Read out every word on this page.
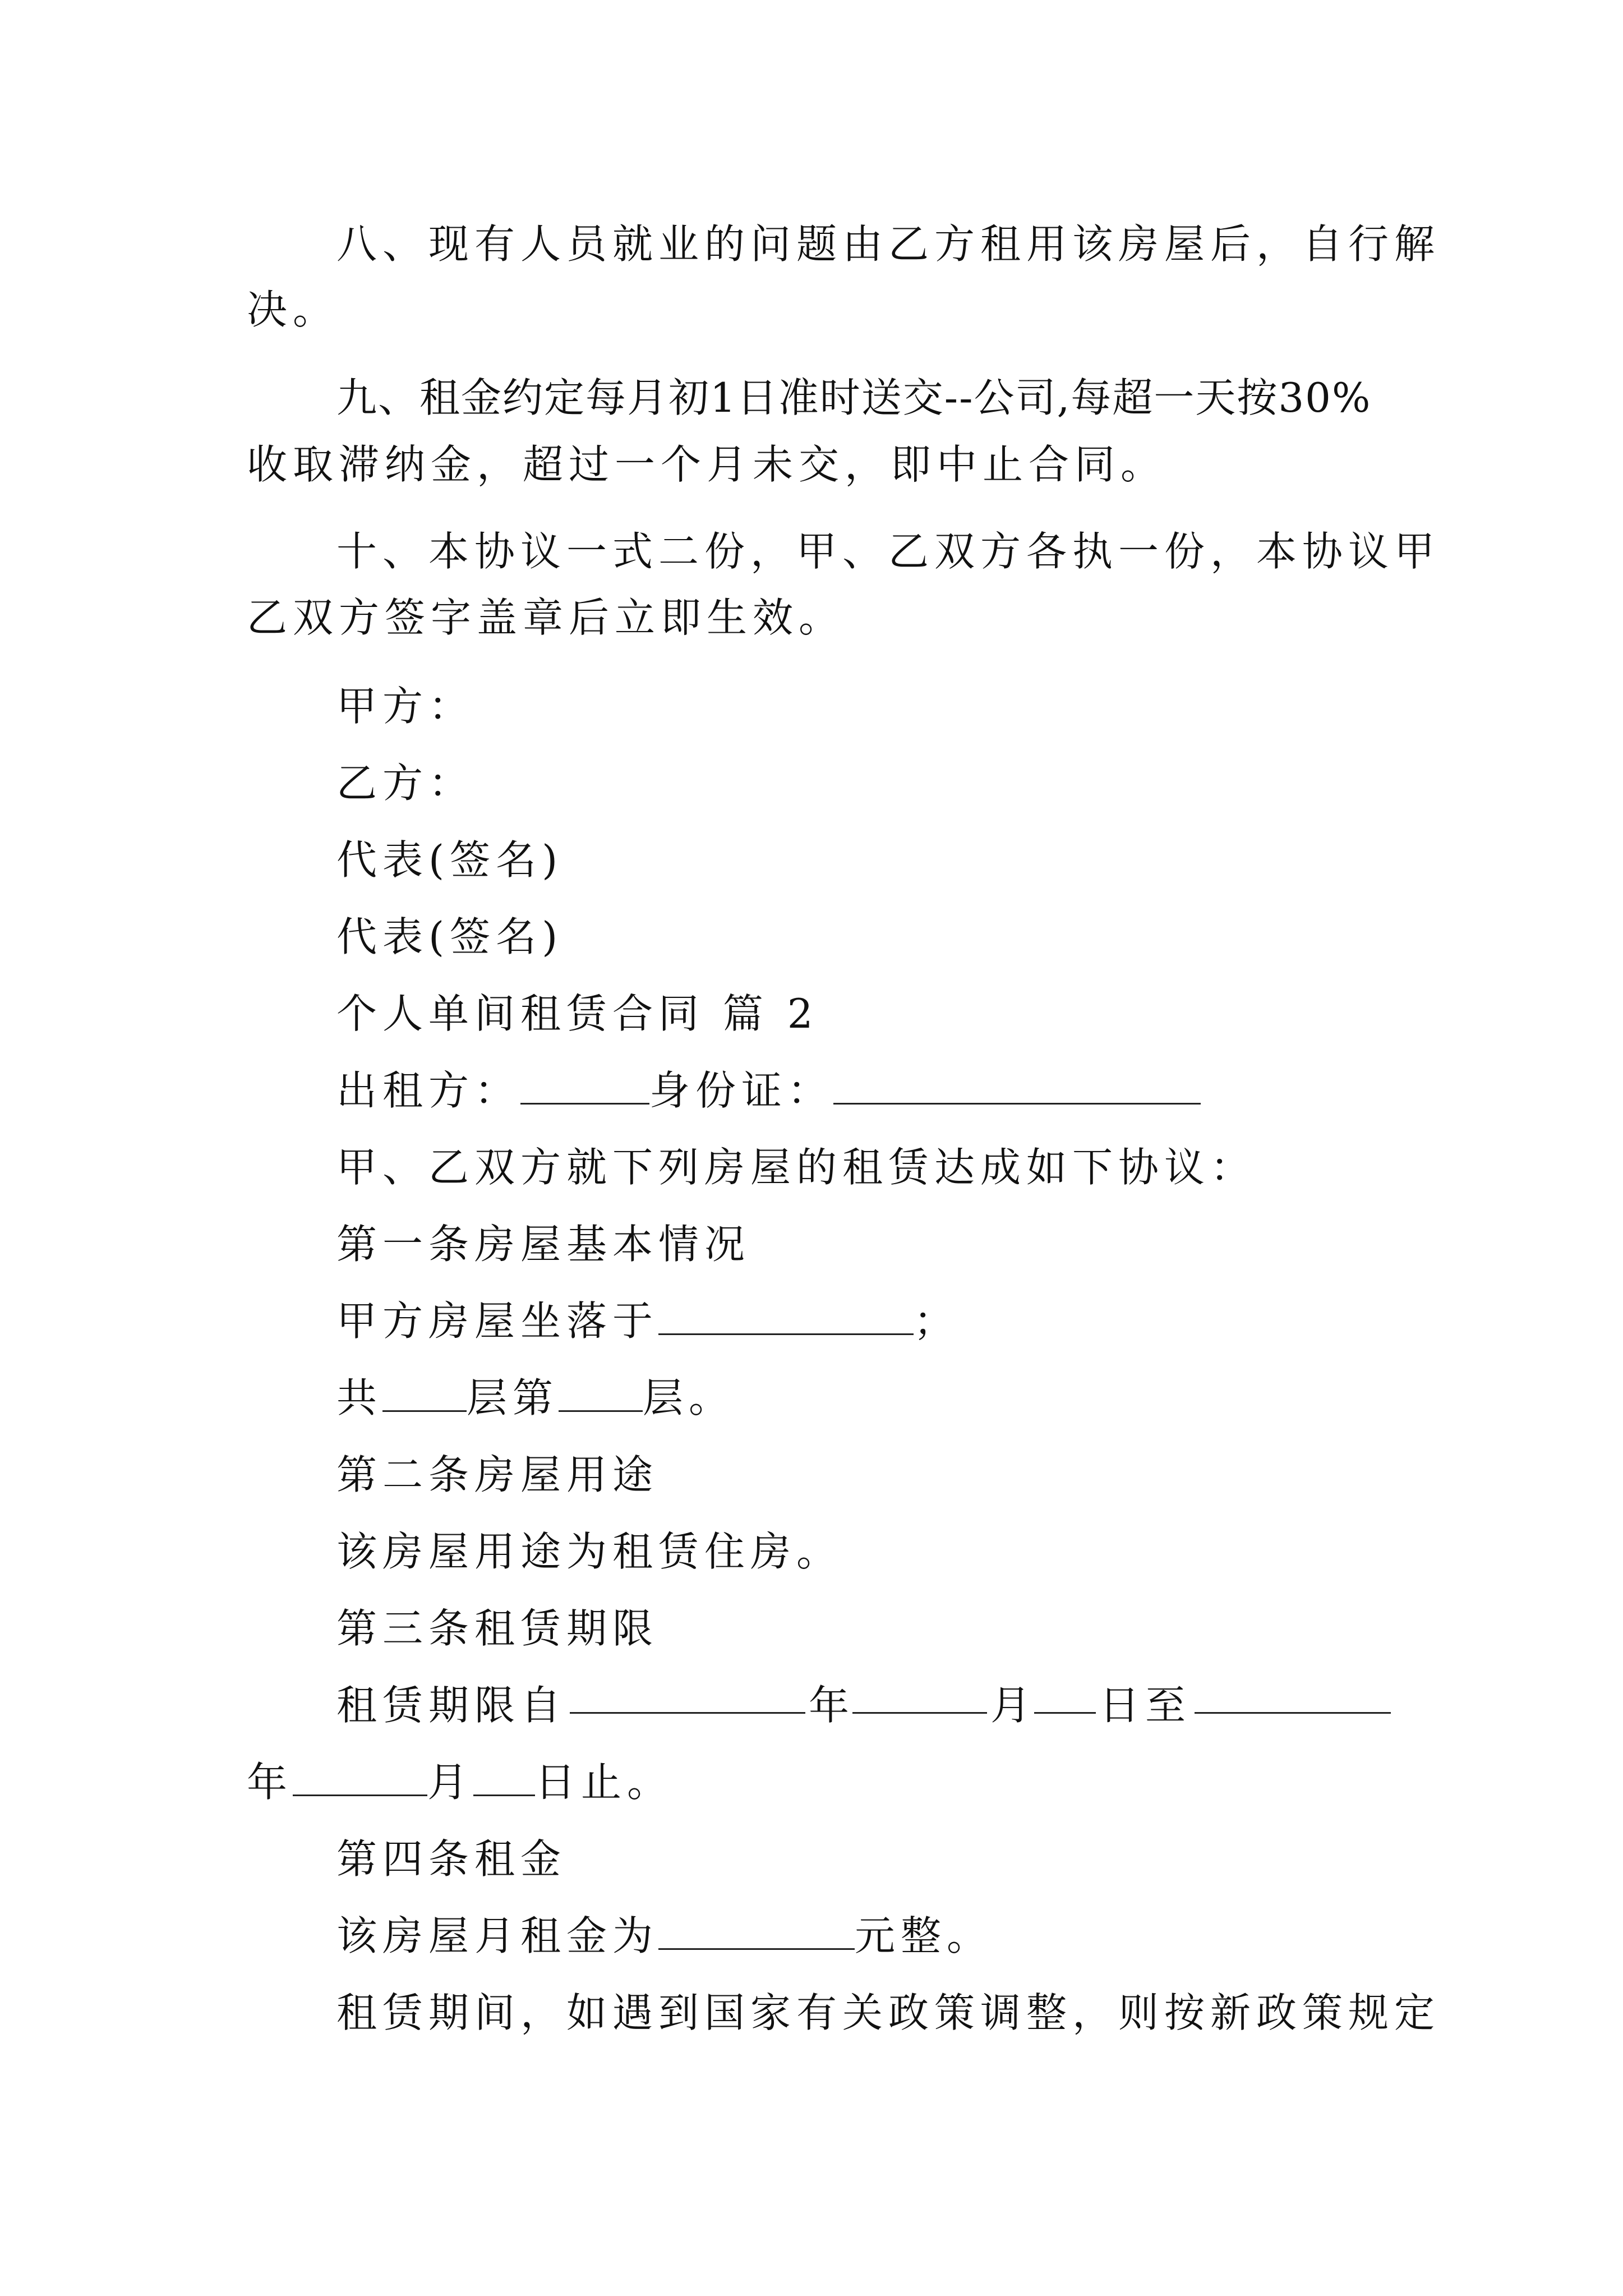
八、现有人员就业的问题由乙方租用该房屋后，自行解
决。
九、租金约定每月初1日准时送交--公司,每超一天按30%
收取滞纳金，超过一个月未交，即中止合同。
十、本协议一式二份，甲、乙双方各执一份，本协议甲
乙双方签字盖章后立即生效。
甲方：
乙方：
代表(签名)
代表(签名)
个人单间租赁合同 篇 2
出租方：	身份证：
甲、乙双方就下列房屋的租赁达成如下协议：
第一条房屋基本情况
甲方房屋坐落于	；
共 层第 层。
第二条房屋用途
该房屋用途为租赁住房。
第三条租赁期限
租赁期限自	年	月 日至
年	月 日止。
第四条租金
该房屋月租金为	元整。
租赁期间，如遇到国家有关政策调整，则按新政策规定
